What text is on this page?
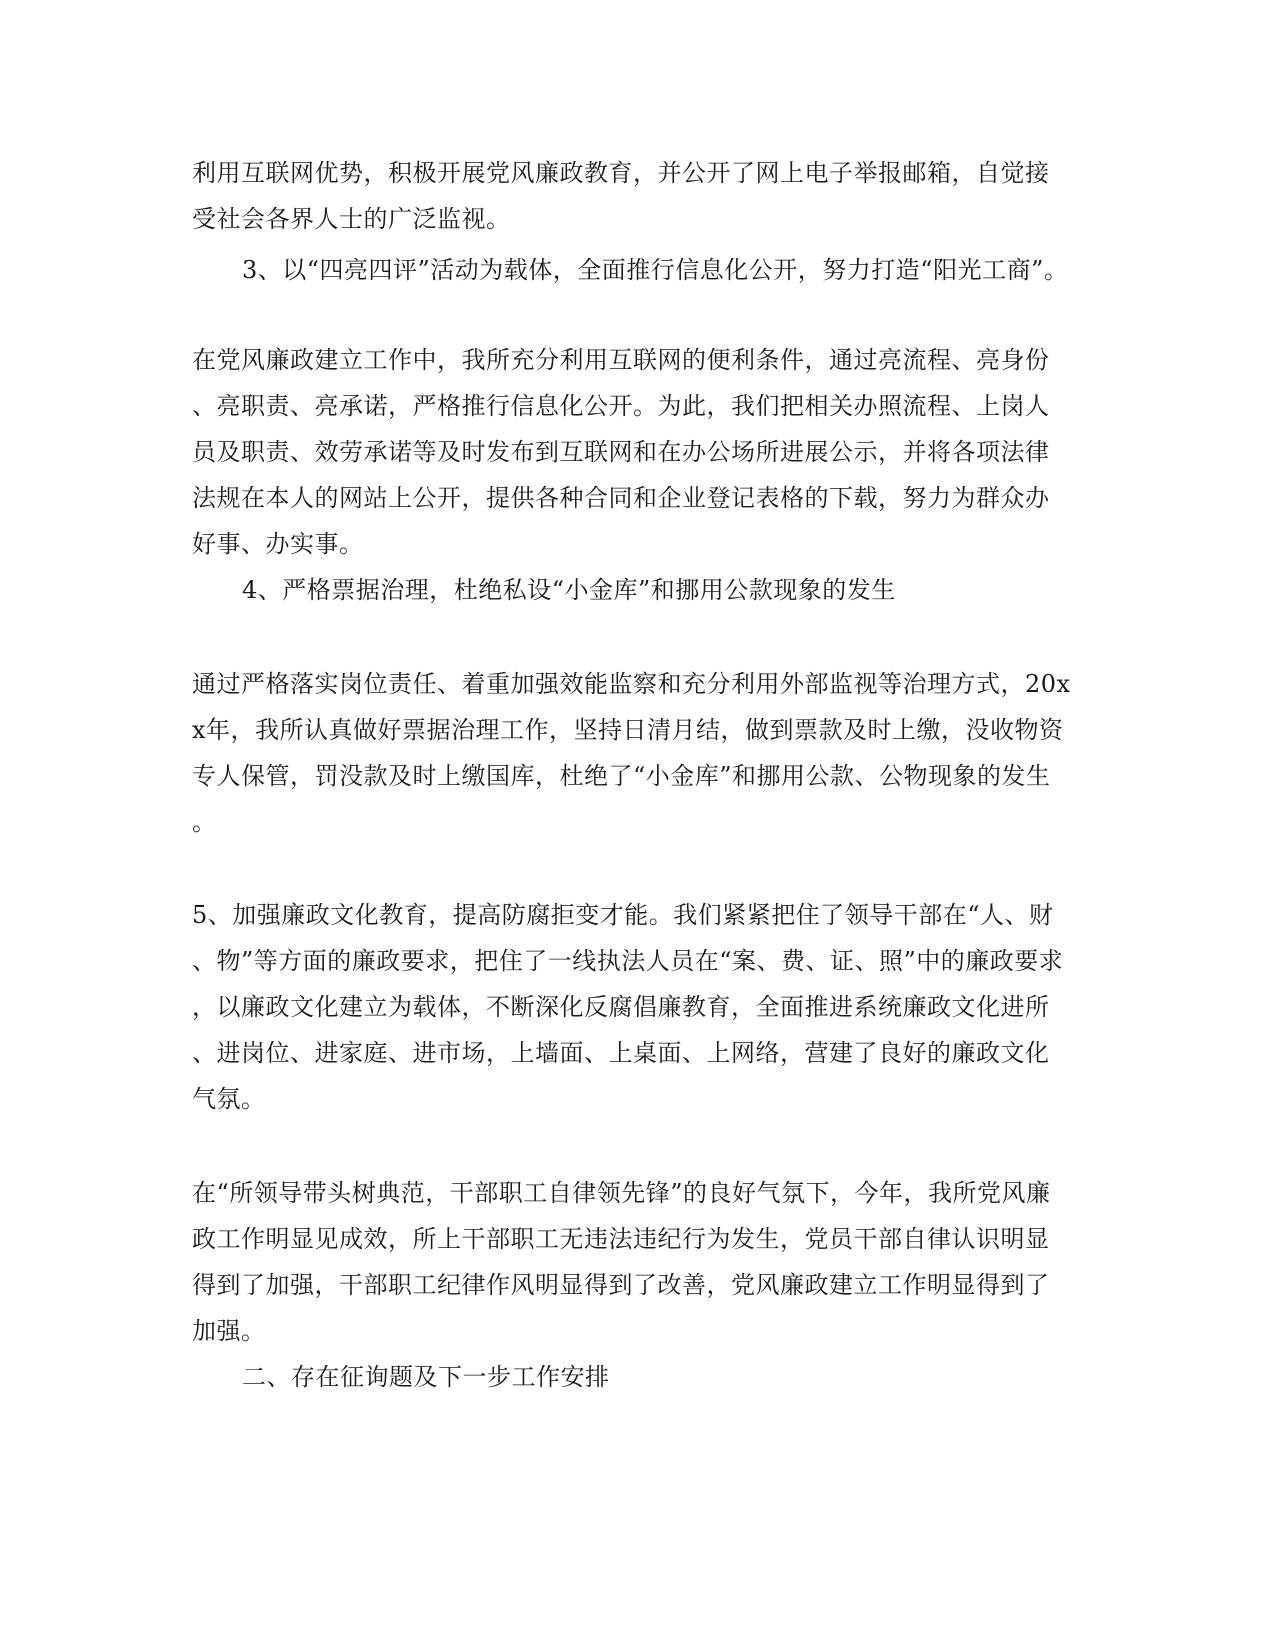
利用互联网优势，积极开展党风廉政教育，并公开了网上电子举报邮箱，自觉接
受社会各界人士的广泛监视。
3、以“四亮四评”活动为载体，全面推行信息化公开，努力打造“阳光工商”。
在党风廉政建立工作中，我所充分利用互联网的便利条件，通过亮流程、亮身份
、亮职责、亮承诺，严格推行信息化公开。为此，我们把相关办照流程、上岗人
员及职责、效劳承诺等及时发布到互联网和在办公场所进展公示，并将各项法律
法规在本人的网站上公开，提供各种合同和企业登记表格的下载，努力为群众办
好事、办实事。
4、严格票据治理，杜绝私设“小金库”和挪用公款现象的发生
通过严格落实岗位责任、着重加强效能监察和充分利用外部监视等治理方式，20x
x年，我所认真做好票据治理工作，坚持日清月结，做到票款及时上缴，没收物资
专人保管，罚没款及时上缴国库，杜绝了“小金库”和挪用公款、公物现象的发生
。
5、加强廉政文化教育，提高防腐拒变才能。我们紧紧把住了领导干部在“人、财
、物”等方面的廉政要求，把住了一线执法人员在“案、费、证、照”中的廉政要求
，以廉政文化建立为载体，不断深化反腐倡廉教育，全面推进系统廉政文化进所
、进岗位、进家庭、进市场，上墙面、上桌面、上网络，营建了良好的廉政文化
气氛。
在“所领导带头树典范，干部职工自律领先锋”的良好气氛下，今年，我所党风廉
政工作明显见成效，所上干部职工无违法违纪行为发生，党员干部自律认识明显
得到了加强，干部职工纪律作风明显得到了改善，党风廉政建立工作明显得到了
加强。
二、存在征询题及下一步工作安排
